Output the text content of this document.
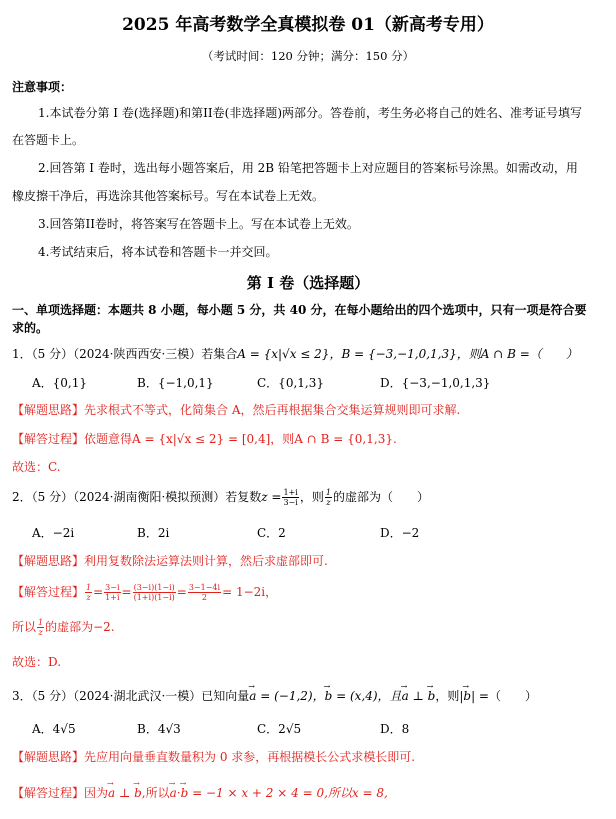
2025 年高考数学全真模拟卷 01（新高考专用）
（考试时间：120 分钟；满分：150 分）
注意事项：
1.本试卷分第 I 卷(选择题)和第II卷(非选择题)两部分。答卷前，考生务必将自己的姓名、准考证号填写
在答题卡上。
2.回答第 I 卷时，选出每小题答案后，用 2B 铅笔把答题卡上对应题目的答案标号涂黑。如需改动，用
橡皮擦干净后，再选涂其他答案标号。写在本试卷上无效。
3.回答第II卷时，将答案写在答题卡上。写在本试卷上无效。
4.考试结束后，将本试卷和答题卡一并交回。
第 I 卷（选择题）
一、单项选择题：本题共 8 小题，每小题 5 分，共 40 分，在每小题给出的四个选项中，只有一项是符合要
求的。
1．（5 分）（2024·陕西西安·三模）若集合A = {x|√x ≤ 2}，B = {−3,−1,0,1,3}，则A ∩ B =（　　）
A．{0,1}	B．{−1,0,1}	C．{0,1,3}	D．{−3,−1,0,1,3}
【解题思路】先求根式不等式，化简集合 A，然后再根据集合交集运算规则即可求解.
【解答过程】依题意得A = {x|√x ≤ 2} = [0,4]，则A ∩ B = {0,1,3}.
故选：C.
2．（5 分）（2024·湖南衡阳·模拟预测）若复数$z = \frac{1+i}{3-i}$ ，则 $\frac{1}{z}$ 的虚部为（　　）
A．−2i	B．2i	C．2	D．−2
【解题思路】利用复数除法运算法则计算，然后求虚部即可.
【解答过程】 $\frac{1}{z} = \frac{3-i}{1+i} = \frac{(3-i)(1-i)}{(1+i)(1-i)} = \frac{3-1-4i}{2} = 1-2i$，
所以 $\frac{1}{z}$ 的虚部为−2.
故选：D.
3．（5 分）（2024·湖北武汉·一模）已知向量→ a = (−1,2)，→ b = (x,4)，且→ a ⊥ → b，则|→ b| =（　　）
A．4√5	B．4√3	C．2√5	D．8
【解题思路】先应用向量垂直数量积为 0 求参，再根据模长公式求模长即可.
【解答过程】因为→ a ⊥ → b,所以→ a·→ b = −1 × x + 2 × 4 = 0,所以x = 8,
